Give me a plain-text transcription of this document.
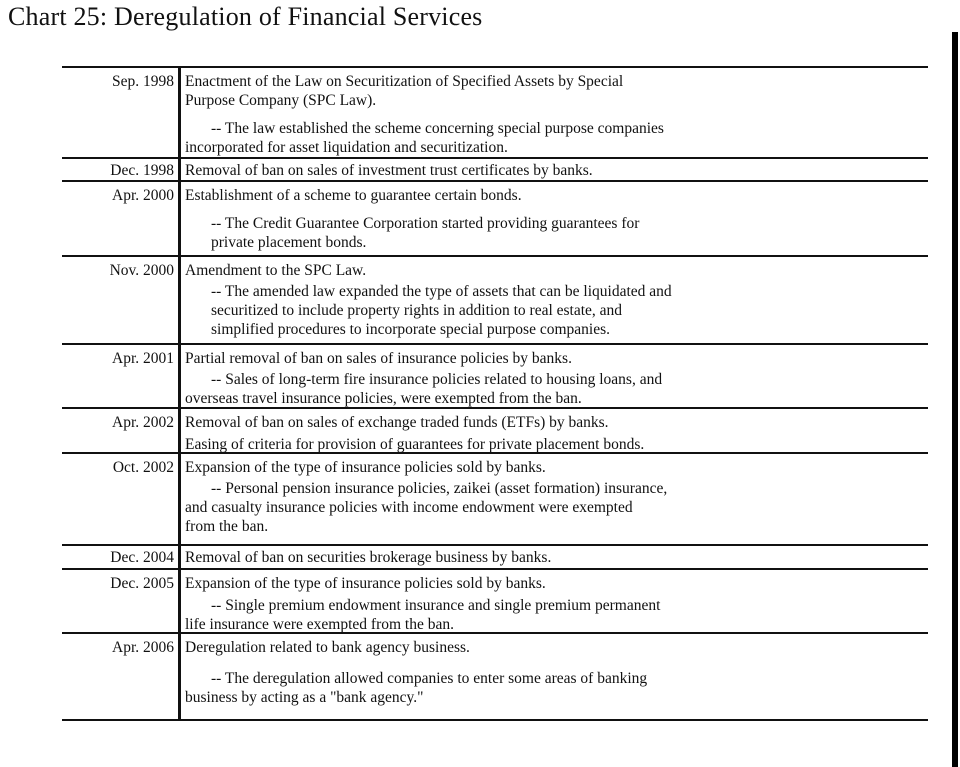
Chart 25: Deregulation of Financial Services
Sep. 1998 Enactment of the Law on Securitization of Specified Assets by Special

Purpose Company (SPC Law).

-- The law established the scheme concerning special purpose companies

incorporated for asset liquidation and securitization.

Dec. 1998 Removal of ban on sales of investment trust certificates by banks.

Apr. 2000 Establishment of a scheme to guarantee certain bonds.

-- The Credit Guarantee Corporation started providing guarantees for

private placement bonds.

Nov. 2000 Amendment to the SPC Law.

-- The amended law expanded the type of assets that can be liquidated and

securitized to include property rights in addition to real estate, and

simplified procedures to incorporate special purpose companies.

Apr. 2001 Partial removal of ban on sales of insurance policies by banks.

-- Sales of long-term fire insurance policies related to housing loans, and

overseas travel insurance policies, were exempted from the ban.

Apr. 2002 Removal of ban on sales of exchange traded funds (ETFs) by banks.

Easing of criteria for provision of guarantees for private placement bonds.

Oct. 2002 Expansion of the type of insurance policies sold by banks.

-- Personal pension insurance policies, zaikei (asset formation) insurance,

and casualty insurance policies with income endowment were exempted

from the ban.

Dec. 2004 Removal of ban on securities brokerage business by banks.

Dec. 2005 Expansion of the type of insurance policies sold by banks.

-- Single premium endowment insurance and single premium permanent

life insurance were exempted from the ban.

Apr. 2006 Deregulation related to bank agency business.

-- The deregulation allowed companies to enter some areas of banking

business by acting as a "bank agency."
